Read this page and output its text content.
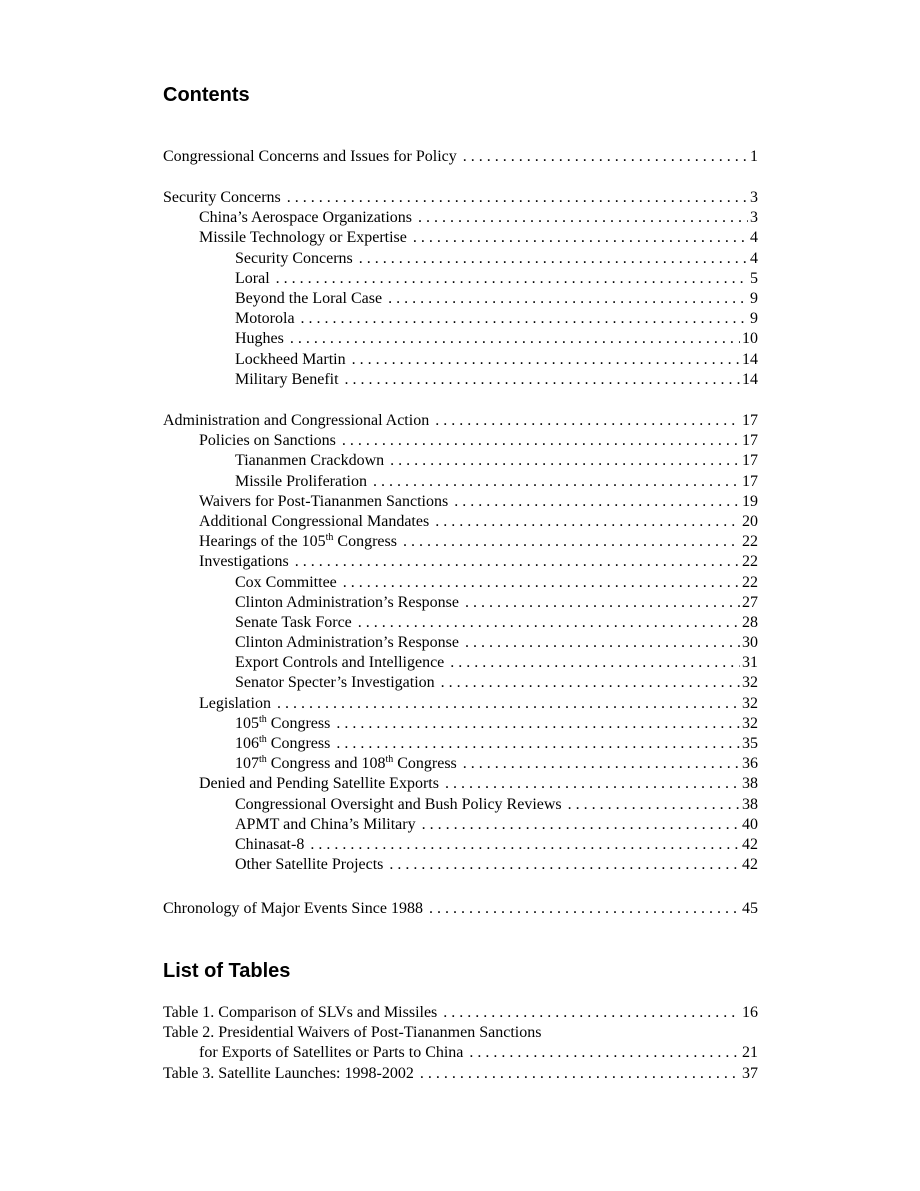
Contents
Congressional Concerns and Issues for Policy . . .	1
Security Concerns . . .	3
China’s Aerospace Organizations . . .	3
Missile Technology or Expertise . . .	4
Security Concerns . . .	4
Loral . . .	5
Beyond the Loral Case . . .	9
Motorola . . .	9
Hughes . . .	10
Lockheed Martin . . .	14
Military Benefit . . .	14
Administration and Congressional Action . . .	17
Policies on Sanctions . . .	17
Tiananmen Crackdown . . .	17
Missile Proliferation . . .	17
Waivers for Post-Tiananmen Sanctions . . .	19
Additional Congressional Mandates . . .	20
Hearings of the 105th Congress . . .	22
Investigations . . .	22
Cox Committee . . .	22
Clinton Administration’s Response . . .	27
Senate Task Force . . .	28
Clinton Administration’s Response . . .	30
Export Controls and Intelligence . . .	31
Senator Specter’s Investigation . . .	32
Legislation . . .	32
105th Congress . . .	32
106th Congress . . .	35
107th Congress and 108th Congress . . .	36
Denied and Pending Satellite Exports . . .	38
Congressional Oversight and Bush Policy Reviews . . .	38
APMT and China’s Military . . .	40
Chinasat-8 . . .	42
Other Satellite Projects . . .	42
Chronology of Major Events Since 1988 . . .	45
List of Tables
Table 1. Comparison of SLVs and Missiles . . .	16
Table 2. Presidential Waivers of Post-Tiananmen Sanctions
for Exports of Satellites or Parts to China . . .	21
Table 3. Satellite Launches: 1998-2002 . . .	37
